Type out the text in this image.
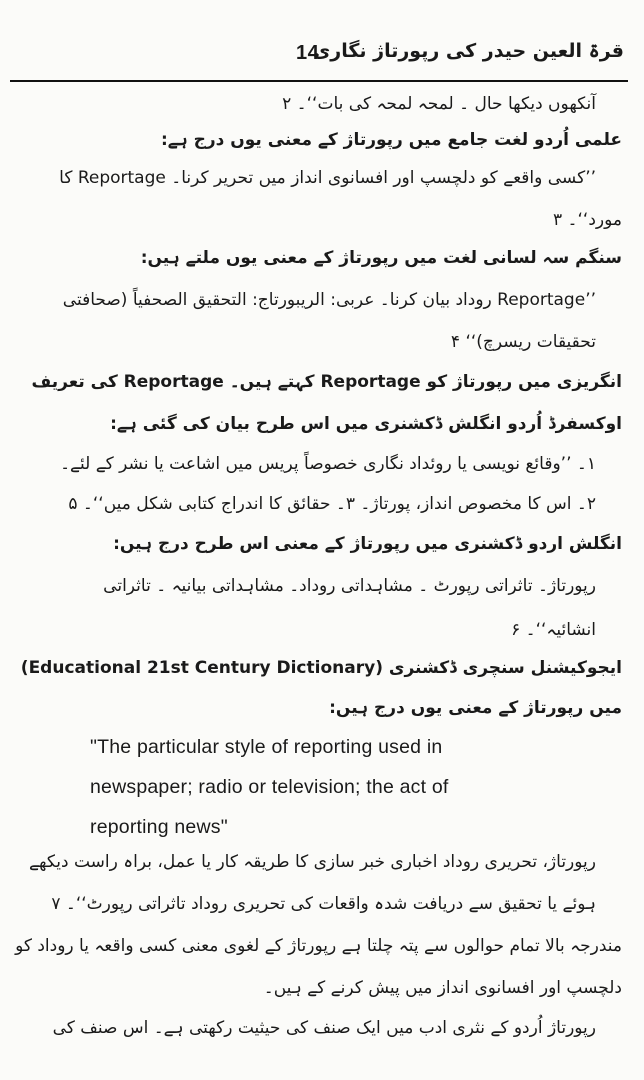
14
قرۃ العین حیدر کی رپورتاژ نگاری
آنکھوں دیکھا حال ۔ لمحہ لمحہ کی بات‘‘۔ ۲
علمی اُردو لغت جامع میں رپورتاژ کے معنی یوں درج ہے:
’’کسی واقعے کو دلچسپ اور افسانوی انداز میں تحریر کرنا۔ Reportage کا
مورد‘‘۔ ۳
سنگم سہ لسانی لغت میں رپورتاژ کے معنی یوں ملتے ہیں:
’’Reportage روداد بیان کرنا۔ عربی: الریبورتاج: التحقیق الصحفیاً (صحافتی
تحقیقات ریسرچ)‘‘ ۴
انگریزی میں رپورتاژ کو Reportage کہتے ہیں۔ Reportage کی تعریف
اوکسفرڈ اُردو انگلش ڈکشنری میں اس طرح بیان کی گئی ہے:
۱۔ ’’وقائع نویسی یا روئداد نگاری خصوصاً پریس میں اشاعت یا نشر کے لئے۔
۲۔ اس کا مخصوص انداز، پورتاژ۔ ۳۔ حقائق کا اندراج کتابی شکل میں‘‘۔ ۵
انگلش اردو ڈکشنری میں رپورتاژ کے معنی اس طرح درج ہیں:
رپورتاژ۔ تاثراتی رپورٹ ۔ مشاہداتی روداد۔ مشاہداتی بیانیہ ۔ تاثراتی
انشائیہ‘‘۔ ۶
ایجوکیشنل سنچری ڈکشنری (Educational 21st Century Dictionary)
میں رپورتاژ کے معنی یوں درج ہیں:
"The particular style of reporting used in
newspaper; radio or television; the act of
reporting news"
رپورتاژ، تحریری روداد اخباری خبر سازی کا طریقہ کار یا عمل، براہ راست دیکھے
ہوئے یا تحقیق سے دریافت شدہ واقعات کی تحریری روداد تاثراتی رپورٹ‘‘۔ ۷
مندرجہ بالا تمام حوالوں سے پتہ چلتا ہے رپورتاژ کے لغوی معنی کسی واقعہ یا روداد کو
دلچسپ اور افسانوی انداز میں پیش کرنے کے ہیں۔
رپورتاژ اُردو کے نثری ادب میں ایک صنف کی حیثیت رکھتی ہے۔ اس صنف کی
